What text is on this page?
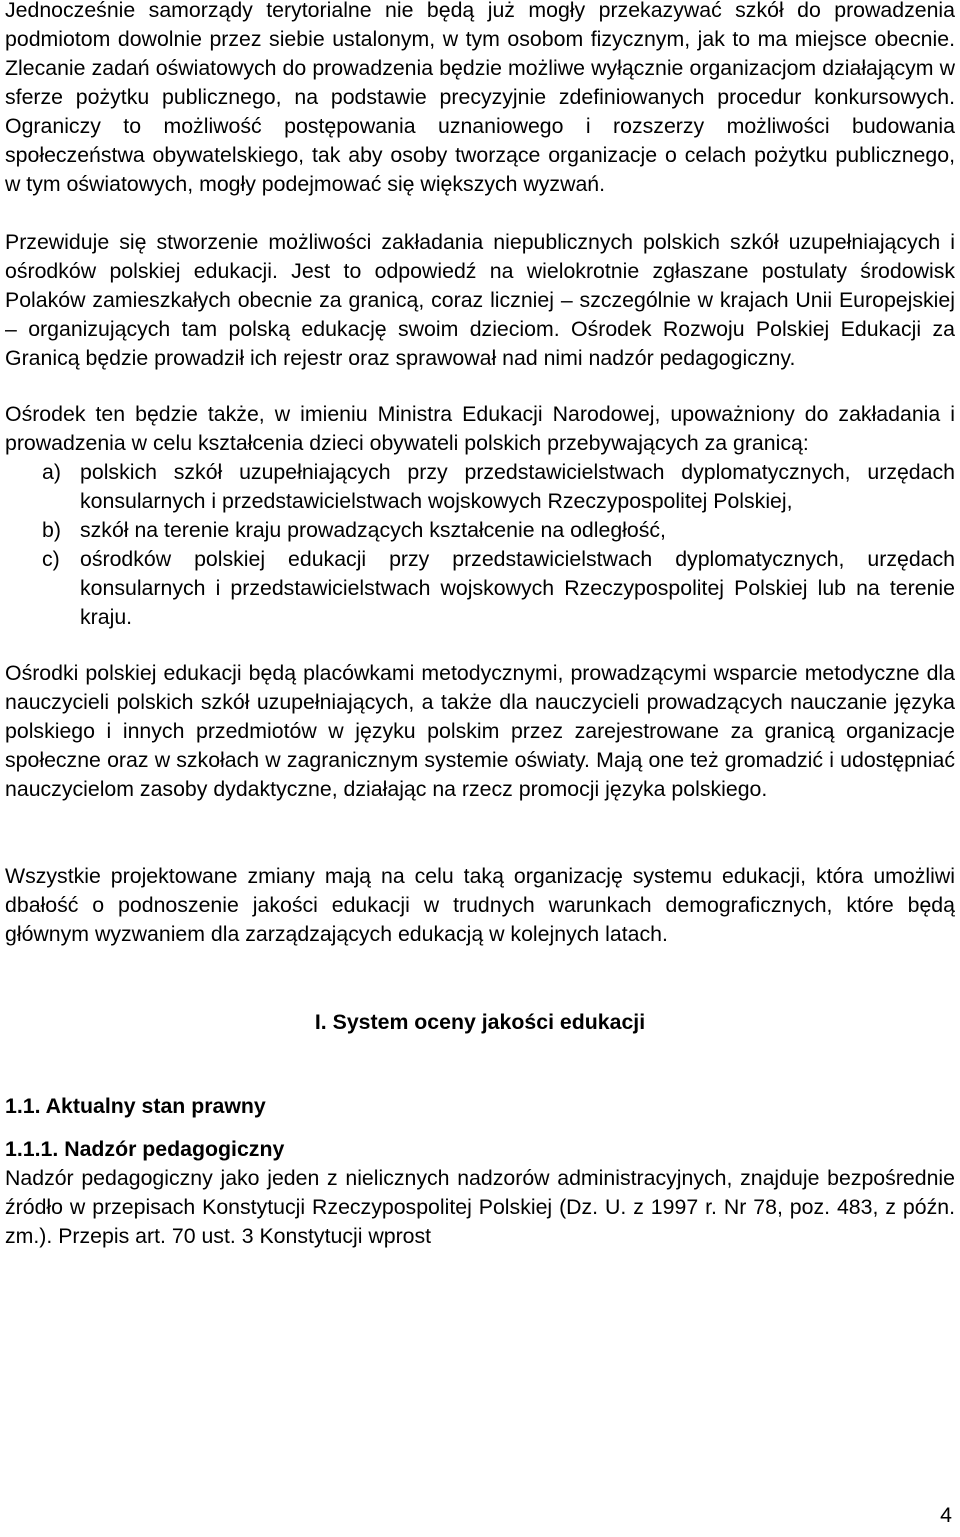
Jednocześnie samorządy terytorialne nie będą już mogły przekazywać szkół do prowadzenia podmiotom dowolnie przez siebie ustalonym, w tym osobom fizycznym, jak to ma miejsce obecnie. Zlecanie zadań oświatowych do prowadzenia będzie możliwe wyłącznie organizacjom działającym w sferze pożytku publicznego, na podstawie precyzyjnie zdefiniowanych procedur konkursowych. Ograniczy to możliwość postępowania uznaniowego i rozszerzy możliwości budowania społeczeństwa obywatelskiego, tak aby osoby tworzące organizacje o celach pożytku publicznego, w tym oświatowych, mogły podejmować się większych wyzwań.

Przewiduje się stworzenie możliwości zakładania niepublicznych polskich szkół uzupełniających i ośrodków polskiej edukacji. Jest to odpowiedź na wielokrotnie zgłaszane postulaty środowisk Polaków zamieszkałych obecnie za granicą, coraz liczniej – szczególnie w krajach Unii Europejskiej – organizujących tam polską edukację swoim dzieciom. Ośrodek Rozwoju Polskiej Edukacji za Granicą będzie prowadził ich rejestr oraz sprawował nad nimi nadzór pedagogiczny.

Ośrodek ten będzie także, w imieniu Ministra Edukacji Narodowej, upoważniony do zakładania i prowadzenia w celu kształcenia dzieci obywateli polskich przebywających za granicą:

a) polskich szkół uzupełniających przy przedstawicielstwach dyplomatycznych, urzędach konsularnych i przedstawicielstwach wojskowych Rzeczypospolitej Polskiej,
b) szkół na terenie kraju prowadzących kształcenie na odległość,
c) ośrodków polskiej edukacji przy przedstawicielstwach dyplomatycznych, urzędach konsularnych i przedstawicielstwach wojskowych Rzeczypospolitej Polskiej lub na terenie kraju.

Ośrodki polskiej edukacji będą placówkami metodycznymi, prowadzącymi wsparcie metodyczne dla nauczycieli polskich szkół uzupełniających, a także dla nauczycieli prowadzących nauczanie języka polskiego i innych przedmiotów w języku polskim przez zarejestrowane za granicą organizacje społeczne oraz w szkołach w zagranicznym systemie oświaty. Mają one też gromadzić i udostępniać nauczycielom zasoby dydaktyczne, działając na rzecz promocji języka polskiego.

Wszystkie projektowane zmiany mają na celu taką organizację systemu edukacji, która umożliwi dbałość o podnoszenie jakości edukacji w trudnych warunkach demograficznych, które będą głównym wyzwaniem dla zarządzających edukacją w kolejnych latach.

I. System oceny jakości edukacji
1.1. Aktualny stan prawny
1.1.1. Nadzór pedagogiczny

Nadzór pedagogiczny jako jeden z nielicznych nadzorów administracyjnych, znajduje bezpośrednie źródło w przepisach Konstytucji Rzeczypospolitej Polskiej (Dz. U. z 1997 r. Nr 78, poz. 483, z późn. zm.). Przepis art. 70 ust. 3 Konstytucji wprost

4
